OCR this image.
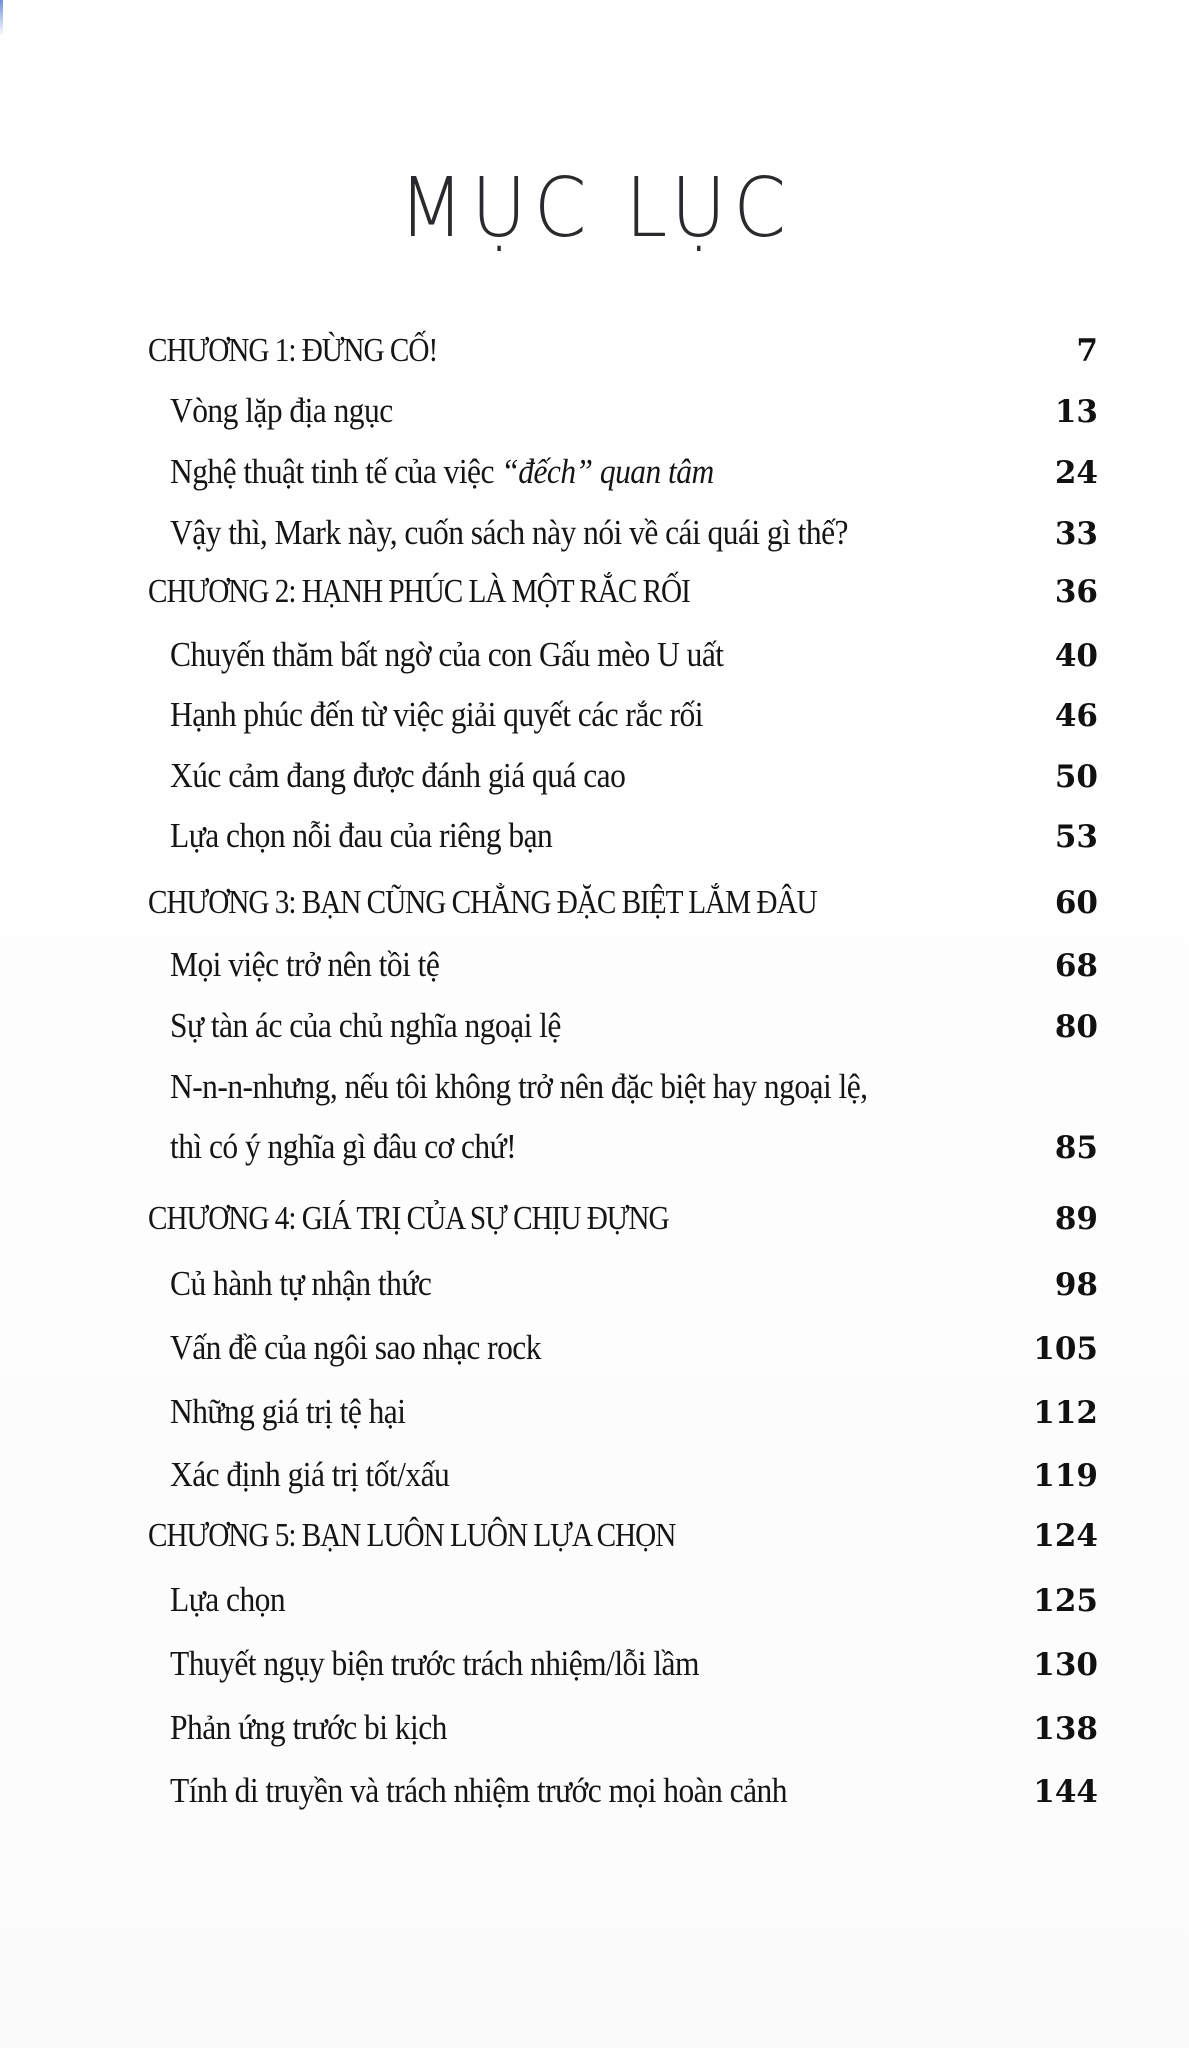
MỤC LỤC
CHƯƠNG 1: ĐỪNG CỐ!	7
Vòng lặp địa ngục	13
Nghệ thuật tinh tế của việc “đếch” quan tâm	24
Vậy thì, Mark này, cuốn sách này nói về cái quái gì thế?	33
CHƯƠNG 2: HẠNH PHÚC LÀ MỘT RẮC RỐI	36
Chuyến thăm bất ngờ của con Gấu mèo U uất	40
Hạnh phúc đến từ việc giải quyết các rắc rối	46
Xúc cảm đang được đánh giá quá cao	50
Lựa chọn nỗi đau của riêng bạn	53
CHƯƠNG 3: BẠN CŨNG CHẲNG ĐẶC BIỆT LẮM ĐÂU	60
Mọi việc trở nên tồi tệ	68
Sự tàn ác của chủ nghĩa ngoại lệ	80
N-n-n-nhưng, nếu tôi không trở nên đặc biệt hay ngoại lệ,
thì có ý nghĩa gì đâu cơ chứ!	85
CHƯƠNG 4: GIÁ TRỊ CỦA SỰ CHỊU ĐỰNG	89
Củ hành tự nhận thức	98
Vấn đề của ngôi sao nhạc rock	105
Những giá trị tệ hại	112
Xác định giá trị tốt/xấu	119
CHƯƠNG 5: BẠN LUÔN LUÔN LỰA CHỌN	124
Lựa chọn	125
Thuyết ngụy biện trước trách nhiệm/lỗi lầm	130
Phản ứng trước bi kịch	138
Tính di truyền và trách nhiệm trước mọi hoàn cảnh	144
